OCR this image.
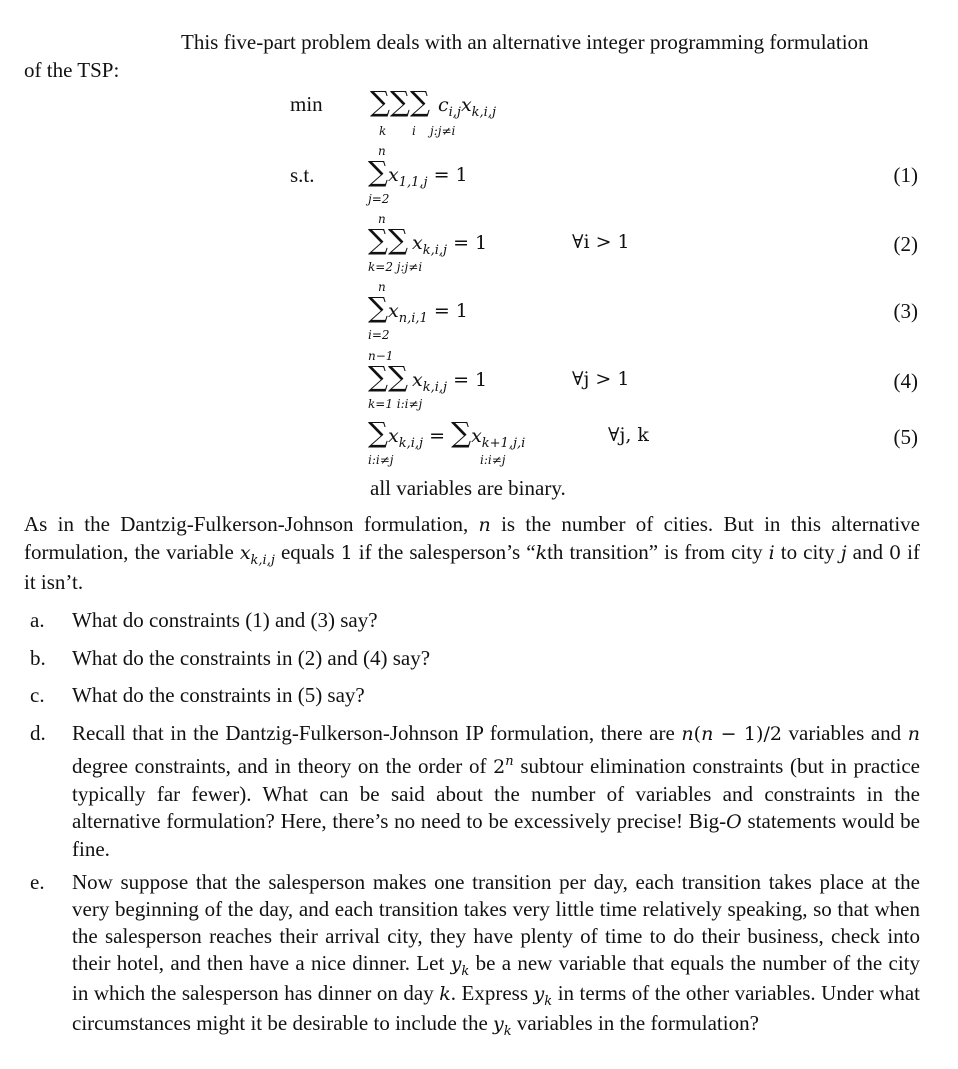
This five-part problem deals with an alternative integer programming formulation
of the TSP:
min ∑∑∑ $c_{i,j}x_{k,i,j}$
k i j:j≠i
s.t.
n
$\sum x_{1,1,j} = 1$
j=2
(1)
n
∑∑ $x_{k,i,j} = 1$
k=2 j:j≠i
∀i > 1	(2)
n
$\sum x_{n,i,1} = 1$
i=2
(3)
n−1
∑∑ $x_{k,i,j} = 1$
k=1 i:i≠j
∀j > 1	(4)
$\sum x_{k,i,j} = \sum x_{k+1,j,i}$
i:i≠j	i:i≠j
∀j, k	(5)
all variables are binary.
As in the Dantzig-Fulkerson-Johnson formulation, n is the number of cities. But in this alternative formulation, the variable $x_{k,i,j}$ equals 1 if the salesperson’s “kth transition” is from city i to city j and 0 if it isn’t.
a. What do constraints (1) and (3) say?
b. What do the constraints in (2) and (4) say?
c. What do the constraints in (5) say?
d. Recall that in the Dantzig-Fulkerson-Johnson IP formulation, there are n(n − 1)/2 variables and n degree constraints, and in theory on the order of 2$^n$ subtour elimination constraints (but in practice typically far fewer). What can be said about the number of variables and constraints in the alternative formulation? Here, there’s no need to be excessively precise! Big-O statements would be fine.
e. Now suppose that the salesperson makes one transition per day, each transition takes place at the very beginning of the day, and each transition takes very little time relatively speaking, so that when the salesperson reaches their arrival city, they have plenty of time to do their business, check into their hotel, and then have a nice dinner. Let $y_k$ be a new variable that equals the number of the city in which the salesperson has dinner on day k. Express $y_k$ in terms of the other variables. Under what circumstances might it be desirable to include the $y_k$ variables in the formulation?
